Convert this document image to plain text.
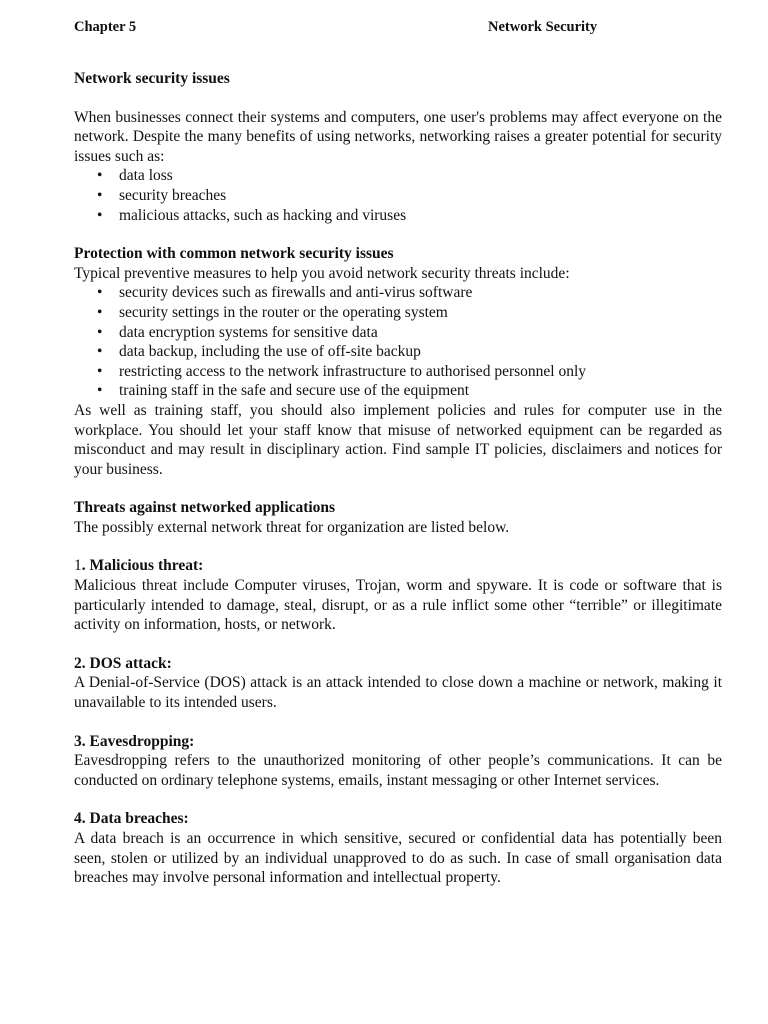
Chapter 5	Network Security
Network security issues

When businesses connect their systems and computers, one user's problems may affect everyone on the network. Despite the many benefits of using networks, networking raises a greater potential for security issues such as:

• data loss
• security breaches
• malicious attacks, such as hacking and viruses
Protection with common network security issues

Typical preventive measures to help you avoid network security threats include:

• security devices such as firewalls and anti-virus software
• security settings in the router or the operating system
• data encryption systems for sensitive data
• data backup, including the use of off-site backup
• restricting access to the network infrastructure to authorised personnel only
• training staff in the safe and secure use of the equipment

As well as training staff, you should also implement policies and rules for computer use in the workplace. You should let your staff know that misuse of networked equipment can be regarded as misconduct and may result in disciplinary action. Find sample IT policies, disclaimers and notices for your business.

Threats against networked applications

The possibly external network threat for organization are listed below.

1. Malicious threat:

Malicious threat include Computer viruses, Trojan, worm and spyware. It is code or software that is particularly intended to damage, steal, disrupt, or as a rule inflict some other “terrible” or illegitimate activity on information, hosts, or network.

2. DOS attack:

A Denial-of-Service (DOS) attack is an attack intended to close down a machine or network, making it unavailable to its intended users.

3. Eavesdropping:

Eavesdropping refers to the unauthorized monitoring of other people’s communications. It can be conducted on ordinary telephone systems, emails, instant messaging or other Internet services.

4. Data breaches:

A data breach is an occurrence in which sensitive, secured or confidential data has potentially been seen, stolen or utilized by an individual unapproved to do as such. In case of small organisation data breaches may involve personal information and intellectual property.
